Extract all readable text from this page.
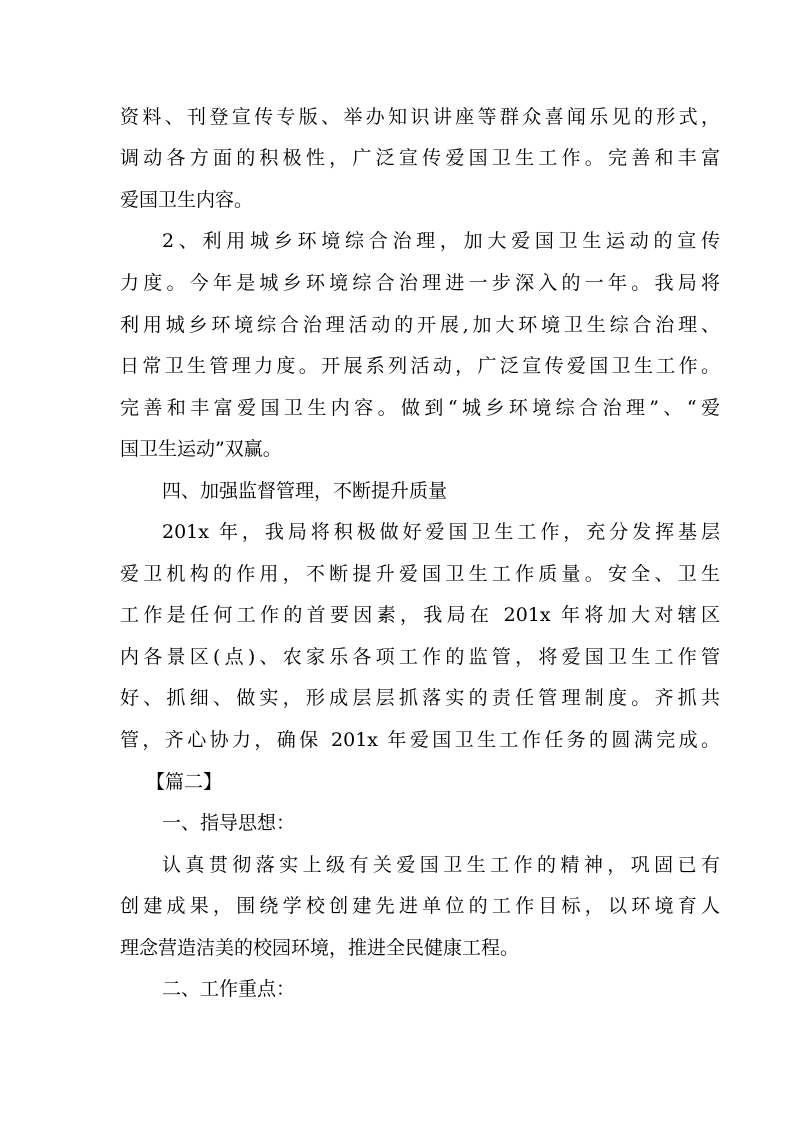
资料、刊登宣传专版、举办知识讲座等群众喜闻乐见的形式，
调动各方面的积极性，广泛宣传爱国卫生工作。完善和丰富
爱国卫生内容。
2、利用城乡环境综合治理，加大爱国卫生运动的宣传
力度。今年是城乡环境综合治理进一步深入的一年。我局将
利用城乡环境综合治理活动的开展,加大环境卫生综合治理、
日常卫生管理力度。开展系列活动，广泛宣传爱国卫生工作。
完善和丰富爱国卫生内容。做到“城乡环境综合治理”、“爱
国卫生运动”双赢。
四、加强监督管理，不断提升质量
201x 年，我局将积极做好爱国卫生工作，充分发挥基层
爱卫机构的作用，不断提升爱国卫生工作质量。安全、卫生
工作是任何工作的首要因素，我局在 201x 年将加大对辖区
内各景区(点)、农家乐各项工作的监管，将爱国卫生工作管
好、抓细、做实，形成层层抓落实的责任管理制度。齐抓共
管，齐心协力，确保 201x 年爱国卫生工作任务的圆满完成。
【篇二】
一、指导思想：
认真贯彻落实上级有关爱国卫生工作的精神，巩固已有
创建成果，围绕学校创建先进单位的工作目标，以环境育人
理念营造洁美的校园环境，推进全民健康工程。
二、工作重点：
